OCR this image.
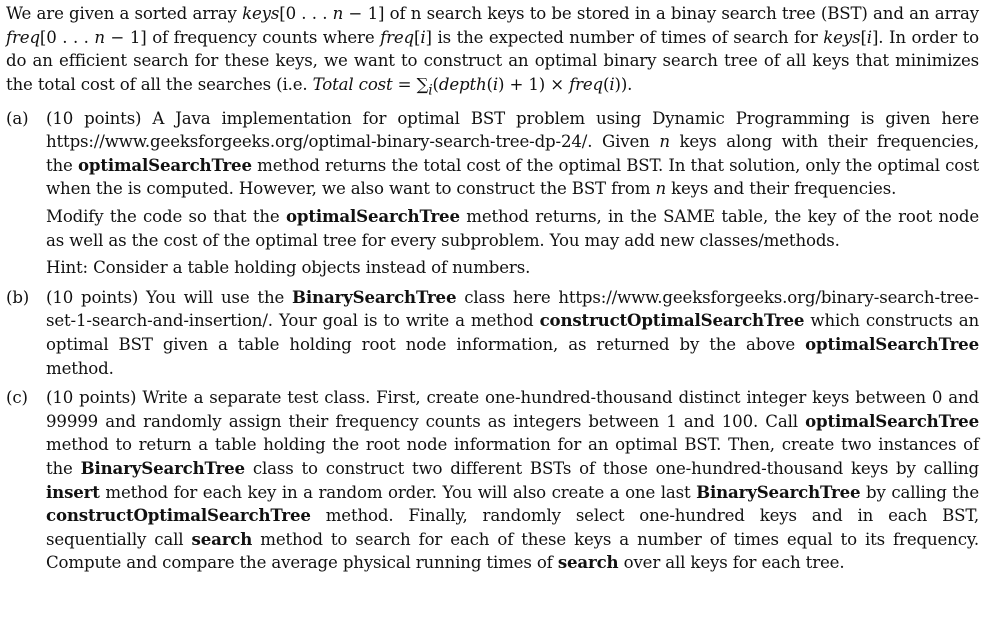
We are given a sorted array keys[0 . . . n − 1] of n search keys to be stored in a binay search tree (BST) and an array freq[0 . . . n − 1] of frequency counts where freq[i] is the expected number of times of search for keys[i]. In order to do an efficient search for these keys, we want to construct an optimal binary search tree of all keys that minimizes the total cost of all the searches (i.e. Total $\cos t = \sum_i(depth(i) + 1)$ × freq(i)).

(a) (10 points) A Java implementation for optimal BST problem using Dynamic Programming is given here https://www.geeksforgeeks.org/optimal-binary-search-tree-dp-24/. Given n keys along with their frequencies, the optimalSearchTree method returns the total cost of the optimal BST. In that solution, only the optimal cost when the is computed. However, we also want to construct the BST from n keys and their frequencies.

Modify the code so that the optimalSearchTree method returns, in the SAME table, the key of the root node as well as the cost of the optimal tree for every subproblem. You may add new classes/methods.

Hint: Consider a table holding objects instead of numbers.

(b) (10 points) You will use the BinarySearchTree class here https://www.geeksforgeeks.org/binary-search-tree-set-1-search-and-insertion/. Your goal is to write a method constructOptimalSearchTree which constructs an optimal BST given a table holding root node information, as returned by the above optimalSearchTree method.

(c) (10 points) Write a separate test class. First, create one-hundred-thousand distinct integer keys between 0 and 99999 and randomly assign their frequency counts as integers between 1 and 100. Call optimalSearchTree method to return a table holding the root node information for an optimal BST. Then, create two instances of the BinarySearchTree class to construct two different BSTs of those one-hundred-thousand keys by calling insert method for each key in a random order. You will also create a one last BinarySearchTree by calling the constructOptimalSearchTree method. Finally, randomly select one-hundred keys and in each BST, sequentially call search method to search for each of these keys a number of times equal to its frequency. Compute and compare the average physical running times of search over all keys for each tree.
